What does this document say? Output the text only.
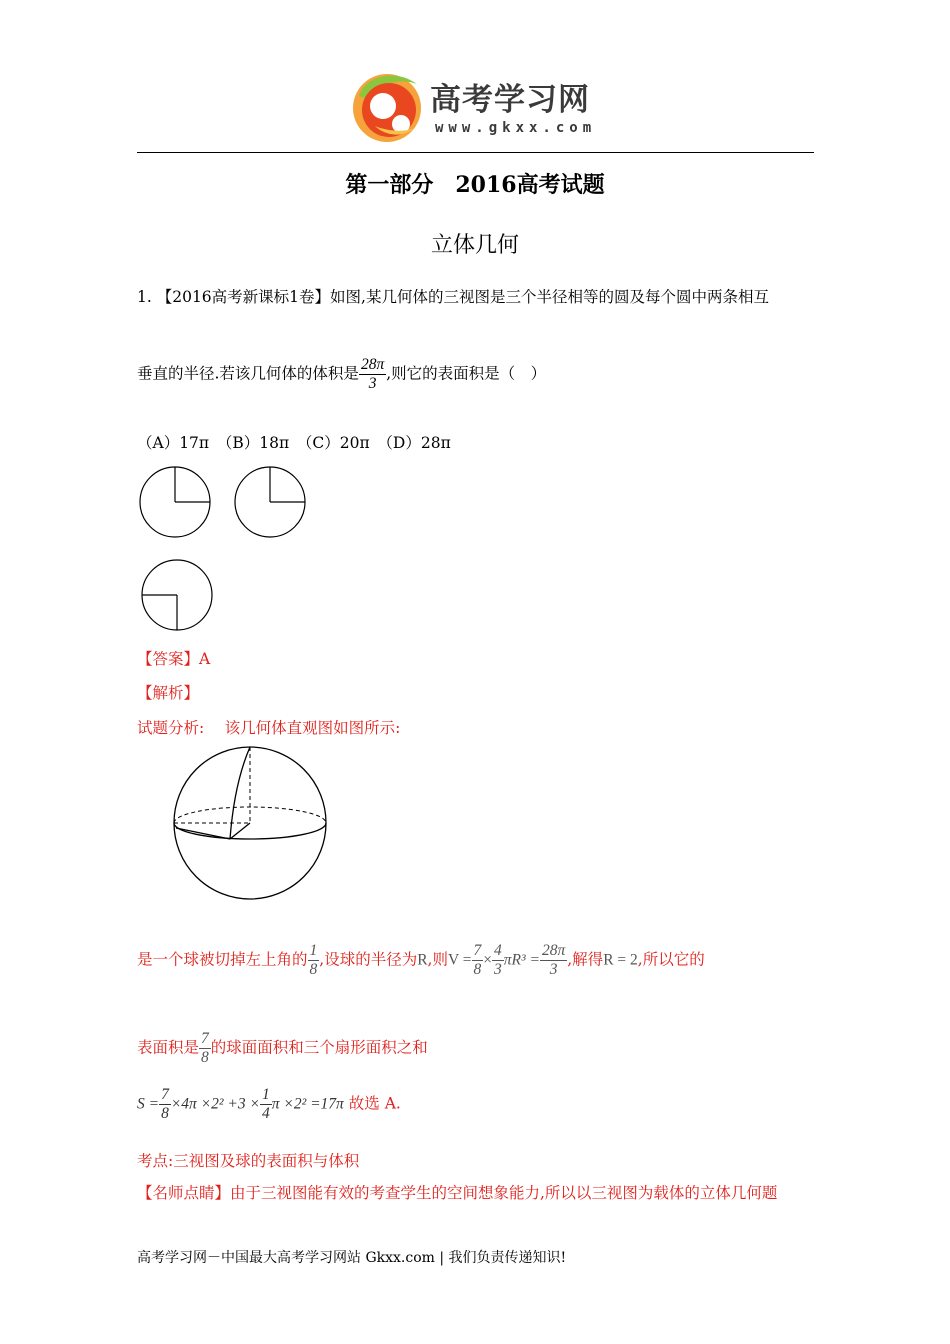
高考学习网
www.gkxx.com
第一部分　2016高考试题
立体几何
1. 【2016高考新课标1卷】如图,某几何体的三视图是三个半径相等的圆及每个圆中两条相互
垂直的半径.若该几何体的体积是 $\frac{28\pi}{3}$ ,则它的表面积是（　）
（A）17π　（B）18π　（C）20π　（D）28π
【答案】A
【解析】
试题分析:　 该几何体直观图如图所示:
是一个球被切掉左上角的 $\frac{1}{8}$ ,设球的半径为R,则$V = \frac{7}{8} \times \frac{4}{3} \pi R^3 = \frac{28\pi}{3}$ ,解得R = 2,所以它的
表面积是 $\frac{7}{8}$ 的球面面积和三个扇形面积之和
$S = \frac{7}{8} \times 4\pi \times 2^2 +3 \times \frac{1}{4}$ π ×2² =17π 故选 A.
考点:三视图及球的表面积与体积
【名师点睛】由于三视图能有效的考查学生的空间想象能力,所以以三视图为载体的立体几何题
高考学习网－中国最大高考学习网站 Gkxx.com | 我们负责传递知识!
